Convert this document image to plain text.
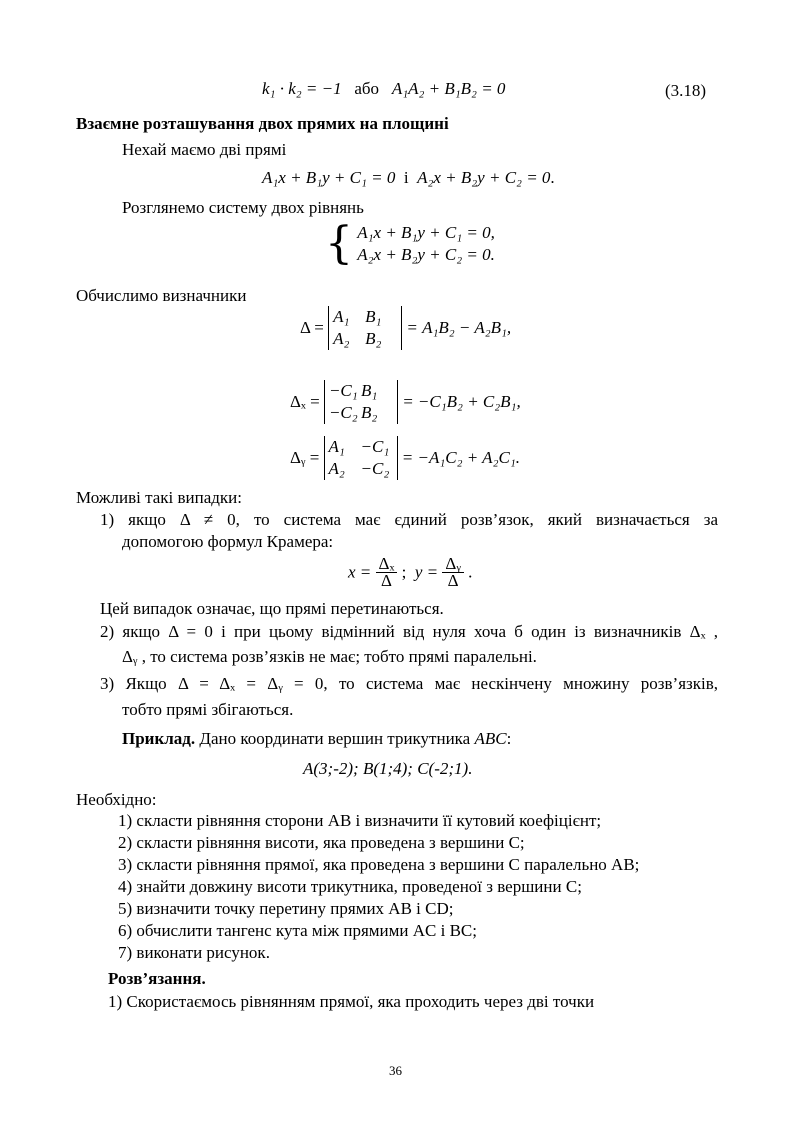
k₁ · k₂ = −1 або A₁A₂ + B₁B₂ = 0	(3.18)
Взаємне розташування двох прямих на площині
Нехай маємо дві прямі
A₁x + B₁y + C₁ = 0 і A₂x + B₂y + C₂ = 0.
Розглянемо систему двох рівнянь
{ A₁x + B₁y + C₁ = 0,
A₂x + B₂y + C₂ = 0.
Обчислимо визначники
Δ =
A₁ B₁
A₂ B₂
= A₁B₂ − A₂B₁,
Δₓ =
−C₁ B₁
−C₂ B₂
= −C₁B₂ + C₂B₁,
Δᵧ =
A₁ −C₁
A₂ −C₂
= −A₁C₂ + A₂C₁.
Можливі такі випадки:
1) якщо Δ ≠ 0, то система має єдиний розв’язок, який визначається за
допомогою формул Крамера:
$x = \frac{\text{Δₓ}}{\Delta}$ ; $y = \frac{\text{Δᵧ}}{\Delta}$ .
Цей випадок означає, що прямі перетинаються.
2) якщо Δ = 0 і при цьому відмінний від нуля хоча б один із визначників Δₓ ,
Δᵧ , то система розв’язків не має; тобто прямі паралельні.
3) Якщо Δ = Δₓ = Δᵧ = 0, то система має нескінчену множину розв’язків,
тобто прямі збігаються.
Приклад. Дано координати вершин трикутника ABC:
A(3;-2); B(1;4); C(-2;1).
Необхідно:
1) скласти рівняння сторони AB і визначити її кутовий коефіцієнт;
2) скласти рівняння висоти, яка проведена з вершини C;
3) скласти рівняння прямої, яка проведена з вершини C паралельно AB;
4) знайти довжину висоти трикутника, проведеної з вершини C;
5) визначити точку перетину прямих AB і CD;
6) обчислити тангенс кута між прямими AC і BC;
7) виконати рисунок.
Розв’язання.
1) Скористаємось рівнянням прямої, яка проходить через дві точки
36
